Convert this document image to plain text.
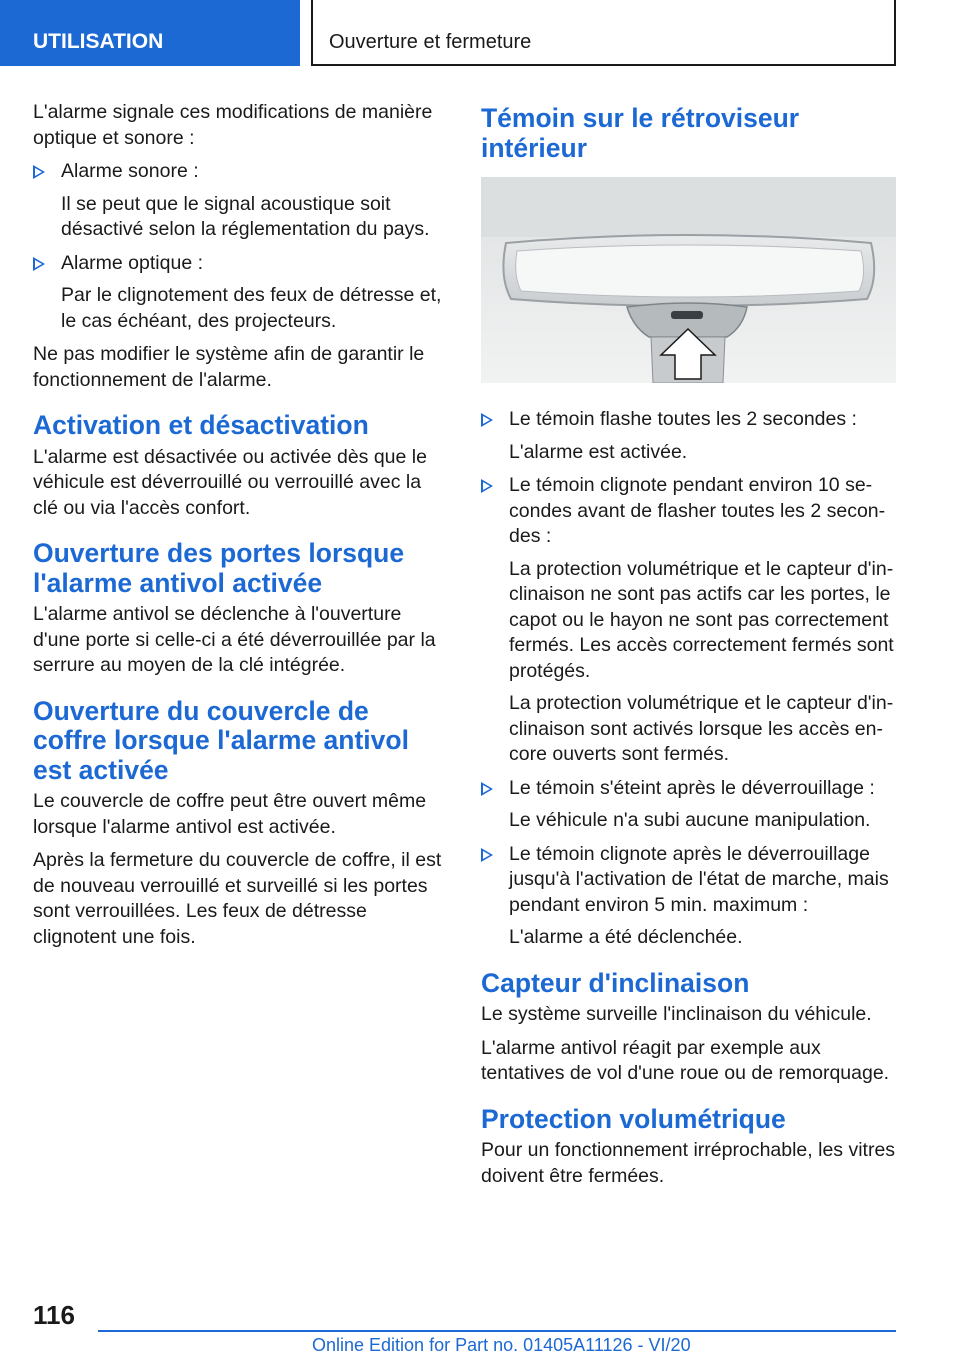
UTILISATION	Ouverture et fermeture

L'alarme signale ces modifications de manière optique et sonore :

Alarme sonore :

Il se peut que le signal acoustique soit désactivé selon la réglementation du pays.

Alarme optique :

Par le clignotement des feux de détresse et, le cas échéant, des projecteurs.

Ne pas modifier le système afin de garantir le fonctionnement de l'alarme.

Activation et désactivation

L'alarme est désactivée ou activée dès que le véhicule est déverrouillé ou verrouillé avec la clé ou via l'accès confort.

Ouverture des portes lorsque l'alarme antivol activée

L'alarme antivol se déclenche à l'ouverture d'une porte si celle-ci a été déverrouillée par la serrure au moyen de la clé intégrée.

Ouverture du couvercle de coffre lorsque l'alarme antivol est activée

Le couvercle de coffre peut être ouvert même lorsque l'alarme antivol est activée.

Après la fermeture du couvercle de coffre, il est de nouveau verrouillé et surveillé si les portes sont verrouillées. Les feux de détresse clignotent une fois.

Témoin sur le rétroviseur intérieur

Le témoin flashe toutes les 2 secondes :

L'alarme est activée.

Le témoin clignote pendant environ 10 secondes avant de flasher toutes les 2 secondes :

La protection volumétrique et le capteur d'inclinaison ne sont pas actifs car les portes, le capot ou le hayon ne sont pas correctement fermés. Les accès correctement fermés sont protégés.

La protection volumétrique et le capteur d'inclinaison sont activés lorsque les accès encore ouverts sont fermés.

Le témoin s'éteint après le déverrouillage :

Le véhicule n'a subi aucune manipulation.

Le témoin clignote après le déverrouillage jusqu'à l'activation de l'état de marche, mais pendant environ 5 min. maximum :

L'alarme a été déclenchée.

Capteur d'inclinaison

Le système surveille l'inclinaison du véhicule.

L'alarme antivol réagit par exemple aux tentatives de vol d'une roue ou de remorquage.

Protection volumétrique

Pour un fonctionnement irréprochable, les vitres doivent être fermées.

116
Online Edition for Part no. 01405A11126 - VI/20
